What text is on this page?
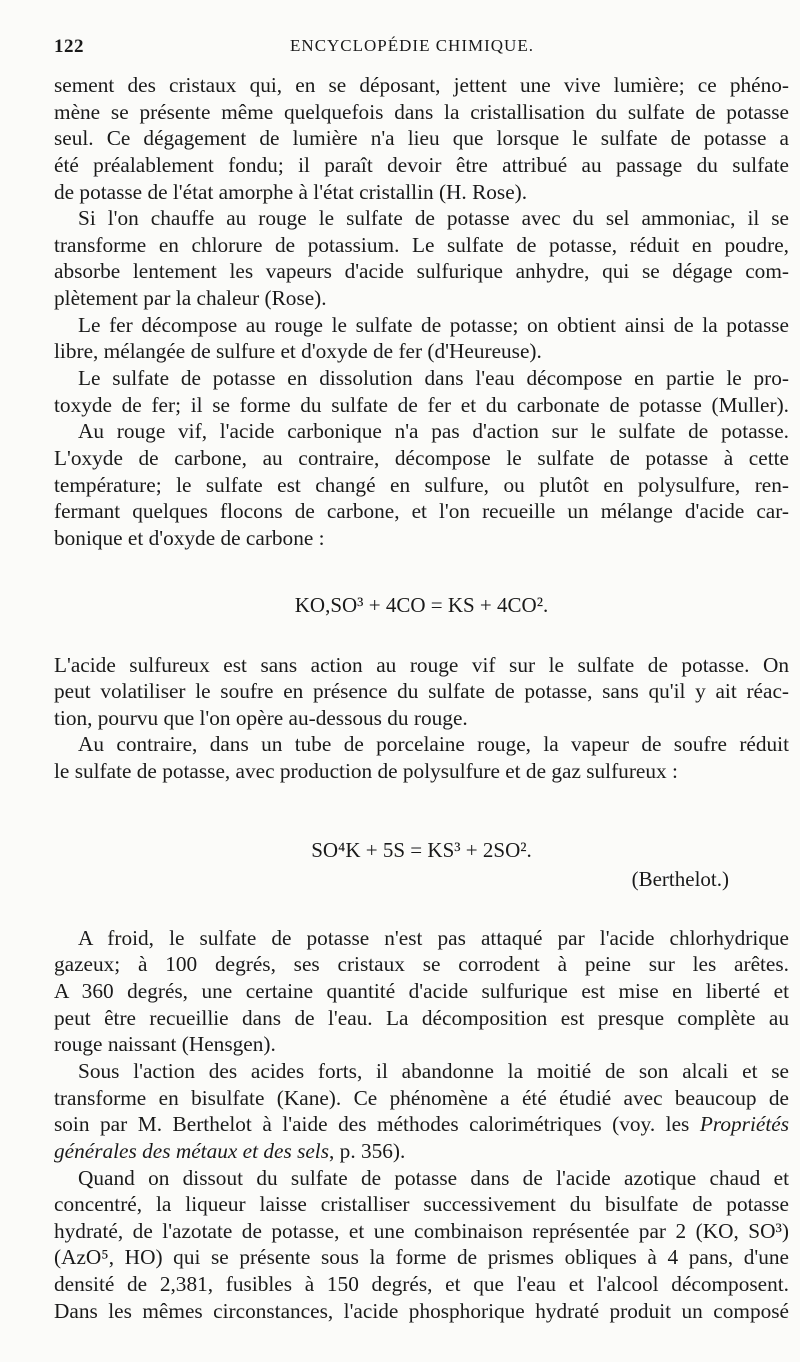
122	ENCYCLOPÉDIE CHIMIQUE.
sement des cristaux qui, en se déposant, jettent une vive lumière; ce phéno-
mène se présente même quelquefois dans la cristallisation du sulfate de potasse
seul. Ce dégagement de lumière n'a lieu que lorsque le sulfate de potasse a
été préalablement fondu; il paraît devoir être attribué au passage du sulfate
de potasse de l'état amorphe à l'état cristallin (H. Rose).
Si l'on chauffe au rouge le sulfate de potasse avec du sel ammoniac, il se
transforme en chlorure de potassium. Le sulfate de potasse, réduit en poudre,
absorbe lentement les vapeurs d'acide sulfurique anhydre, qui se dégage com-
plètement par la chaleur (Rose).
Le fer décompose au rouge le sulfate de potasse; on obtient ainsi de la potasse
libre, mélangée de sulfure et d'oxyde de fer (d'Heureuse).
Le sulfate de potasse en dissolution dans l'eau décompose en partie le pro-
toxyde de fer; il se forme du sulfate de fer et du carbonate de potasse (Muller).
Au rouge vif, l'acide carbonique n'a pas d'action sur le sulfate de potasse.
L'oxyde de carbone, au contraire, décompose le sulfate de potasse à cette
température; le sulfate est changé en sulfure, ou plutôt en polysulfure, ren-
fermant quelques flocons de carbone, et l'on recueille un mélange d'acide car-
bonique et d'oxyde de carbone :
KO,SO³ + 4CO = KS + 4CO².
L'acide sulfureux est sans action au rouge vif sur le sulfate de potasse. On
peut volatiliser le soufre en présence du sulfate de potasse, sans qu'il y ait réac-
tion, pourvu que l'on opère au-dessous du rouge.
Au contraire, dans un tube de porcelaine rouge, la vapeur de soufre réduit
le sulfate de potasse, avec production de polysulfure et de gaz sulfureux :
SO⁴K + 5S = KS³ + 2SO².
(Berthelot.)
A froid, le sulfate de potasse n'est pas attaqué par l'acide chlorhydrique
gazeux; à 100 degrés, ses cristaux se corrodent à peine sur les arêtes.
A 360 degrés, une certaine quantité d'acide sulfurique est mise en liberté et
peut être recueillie dans de l'eau. La décomposition est presque complète au
rouge naissant (Hensgen).
Sous l'action des acides forts, il abandonne la moitié de son alcali et se
transforme en bisulfate (Kane). Ce phénomène a été étudié avec beaucoup de
soin par M. Berthelot à l'aide des méthodes calorimétriques (voy. les Propriétés
générales des métaux et des sels, p. 356).
Quand on dissout du sulfate de potasse dans de l'acide azotique chaud et
concentré, la liqueur laisse cristalliser successivement du bisulfate de potasse
hydraté, de l'azotate de potasse, et une combinaison représentée par 2 (KO, SO³)
(AzO⁵, HO) qui se présente sous la forme de prismes obliques à 4 pans, d'une
densité de 2,381, fusibles à 150 degrés, et que l'eau et l'alcool décomposent.
Dans les mêmes circonstances, l'acide phosphorique hydraté produit un composé
